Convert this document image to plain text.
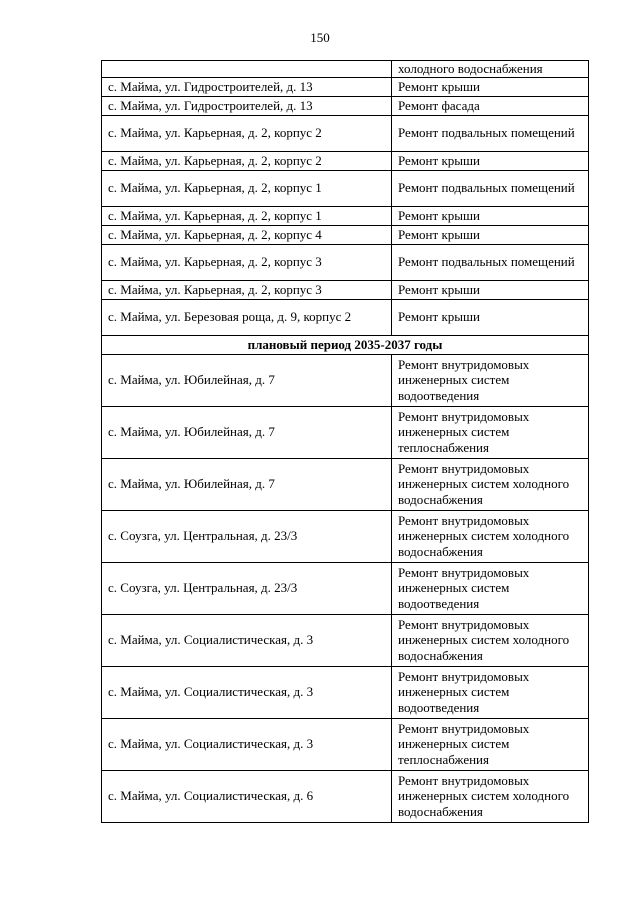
150
	холодного водоснабжения
с. Майма, ул. Гидростроителей, д. 13	Ремонт крыши
с. Майма, ул. Гидростроителей, д. 13	Ремонт фасада
с. Майма, ул. Карьерная, д. 2, корпус 2	Ремонт подвальных помещений
с. Майма, ул. Карьерная, д. 2, корпус 2	Ремонт крыши
с. Майма, ул. Карьерная, д. 2, корпус 1	Ремонт подвальных помещений
с. Майма, ул. Карьерная, д. 2, корпус 1	Ремонт крыши
с. Майма, ул. Карьерная, д. 2, корпус 4	Ремонт крыши
с. Майма, ул. Карьерная, д. 2, корпус 3	Ремонт подвальных помещений
с. Майма, ул. Карьерная, д. 2, корпус 3	Ремонт крыши
с. Майма, ул. Березовая роща, д. 9, корпус 2	Ремонт крыши
плановый период 2035-2037 годы	
с. Майма, ул. Юбилейная, д. 7	Ремонт внутридомовых инженерных систем водоотведения
с. Майма, ул. Юбилейная, д. 7	Ремонт внутридомовых инженерных систем теплоснабжения
с. Майма, ул. Юбилейная, д. 7	Ремонт внутридомовых инженерных систем холодного водоснабжения
с. Соузга, ул. Центральная, д. 23/3	Ремонт внутридомовых инженерных систем холодного водоснабжения
с. Соузга, ул. Центральная, д. 23/3	Ремонт внутридомовых инженерных систем водоотведения
с. Майма, ул. Социалистическая, д. 3	Ремонт внутридомовых инженерных систем холодного водоснабжения
с. Майма, ул. Социалистическая, д. 3	Ремонт внутридомовых инженерных систем водоотведения
с. Майма, ул. Социалистическая, д. 3	Ремонт внутридомовых инженерных систем теплоснабжения
с. Майма, ул. Социалистическая, д. 6	Ремонт внутридомовых инженерных систем холодного водоснабжения
